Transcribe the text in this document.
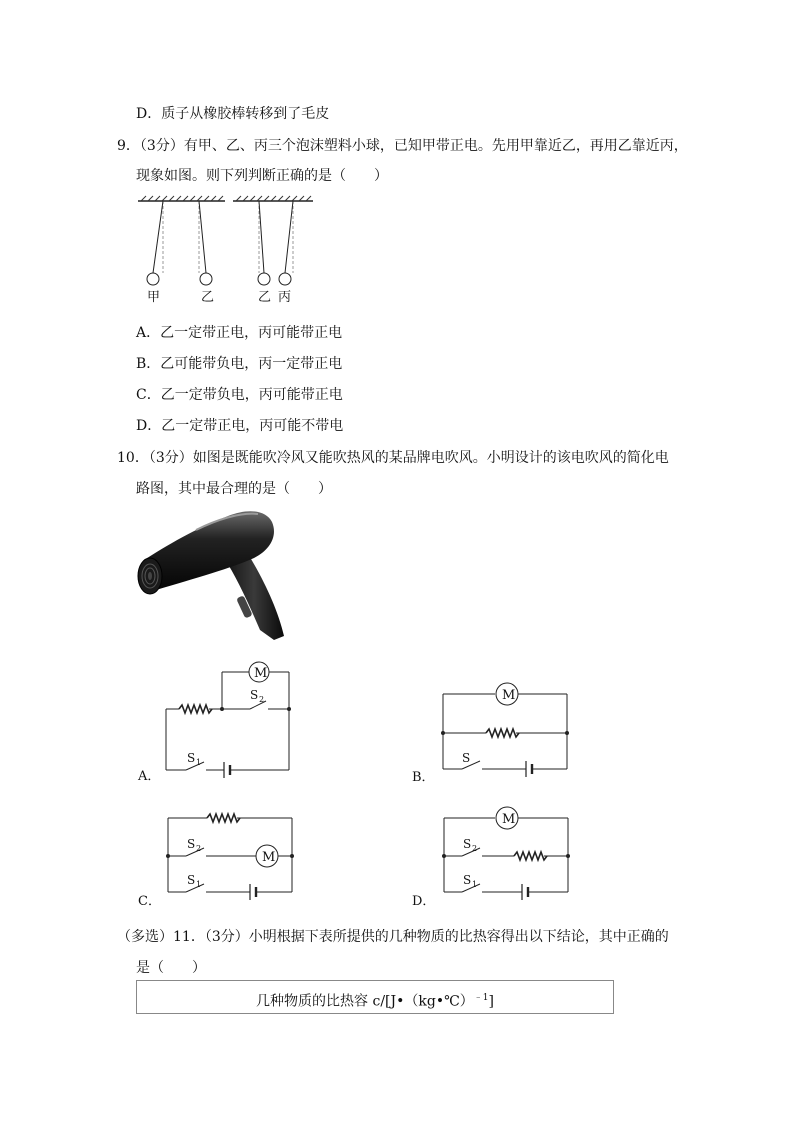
D．质子从橡胶棒转移到了毛皮
9．（3分）有甲、乙、丙三个泡沫塑料小球，已知甲带正电。先用甲靠近乙，再用乙靠近丙，
现象如图。则下列判断正确的是（　　）
甲	乙	乙 丙
A．乙一定带正电，丙可能带正电
B．乙可能带负电，丙一定带正电
C．乙一定带负电，丙可能带正电
D．乙一定带正电，丙可能不带电
10．（3分）如图是既能吹冷风又能吹热风的某品牌电吹风。小明设计的该电吹风的简化电
路图，其中最合理的是（　　）
M
S 2
S 1
A．
M
S
B．
M
S 2
S 1
C．
M
S 2
S 1
D．
（多选）11．（3分）小明根据下表所提供的几种物质的比热容得出以下结论，其中正确的
是（　　）
几种物质的比热容 c/[J•（kg•℃）$^{﹣1}$]
